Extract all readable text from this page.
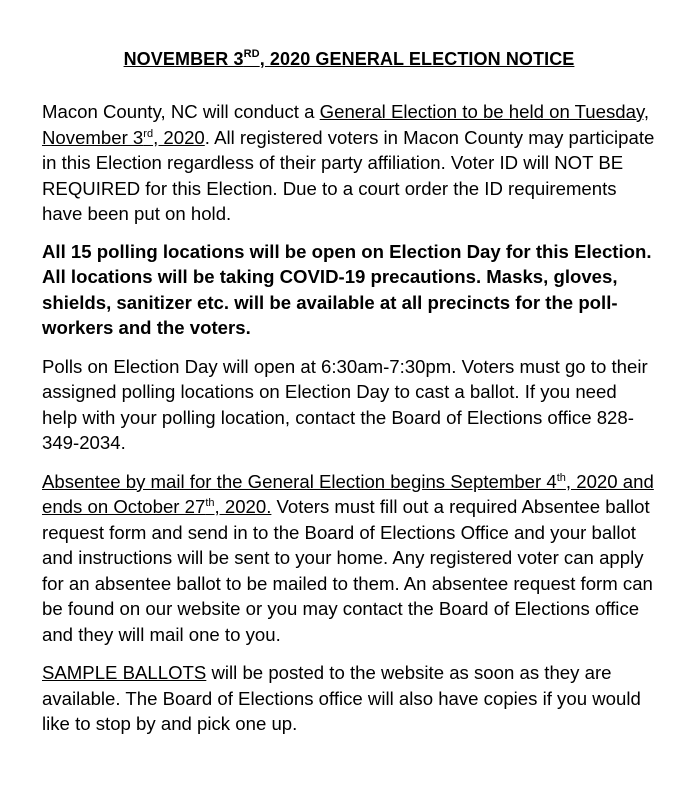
NOVEMBER 3RD, 2020 GENERAL ELECTION NOTICE

Macon County, NC will conduct a General Election to be held on Tuesday, November 3rd, 2020. All registered voters in Macon County may participate in this Election regardless of their party affiliation. Voter ID will NOT BE REQUIRED for this Election. Due to a court order the ID requirements have been put on hold.

All 15 polling locations will be open on Election Day for this Election. All locations will be taking COVID-19 precautions. Masks, gloves, shields, sanitizer etc. will be available at all precincts for the poll-workers and the voters.

Polls on Election Day will open at 6:30am-7:30pm. Voters must go to their assigned polling locations on Election Day to cast a ballot. If you need help with your polling location, contact the Board of Elections office 828-349-2034.

Absentee by mail for the General Election begins September 4th, 2020 and ends on October 27th, 2020. Voters must fill out a required Absentee ballot request form and send in to the Board of Elections Office and your ballot and instructions will be sent to your home. Any registered voter can apply for an absentee ballot to be mailed to them. An absentee request form can be found on our website or you may contact the Board of Elections office and they will mail one to you.

SAMPLE BALLOTS will be posted to the website as soon as they are available. The Board of Elections office will also have copies if you would like to stop by and pick one up.
